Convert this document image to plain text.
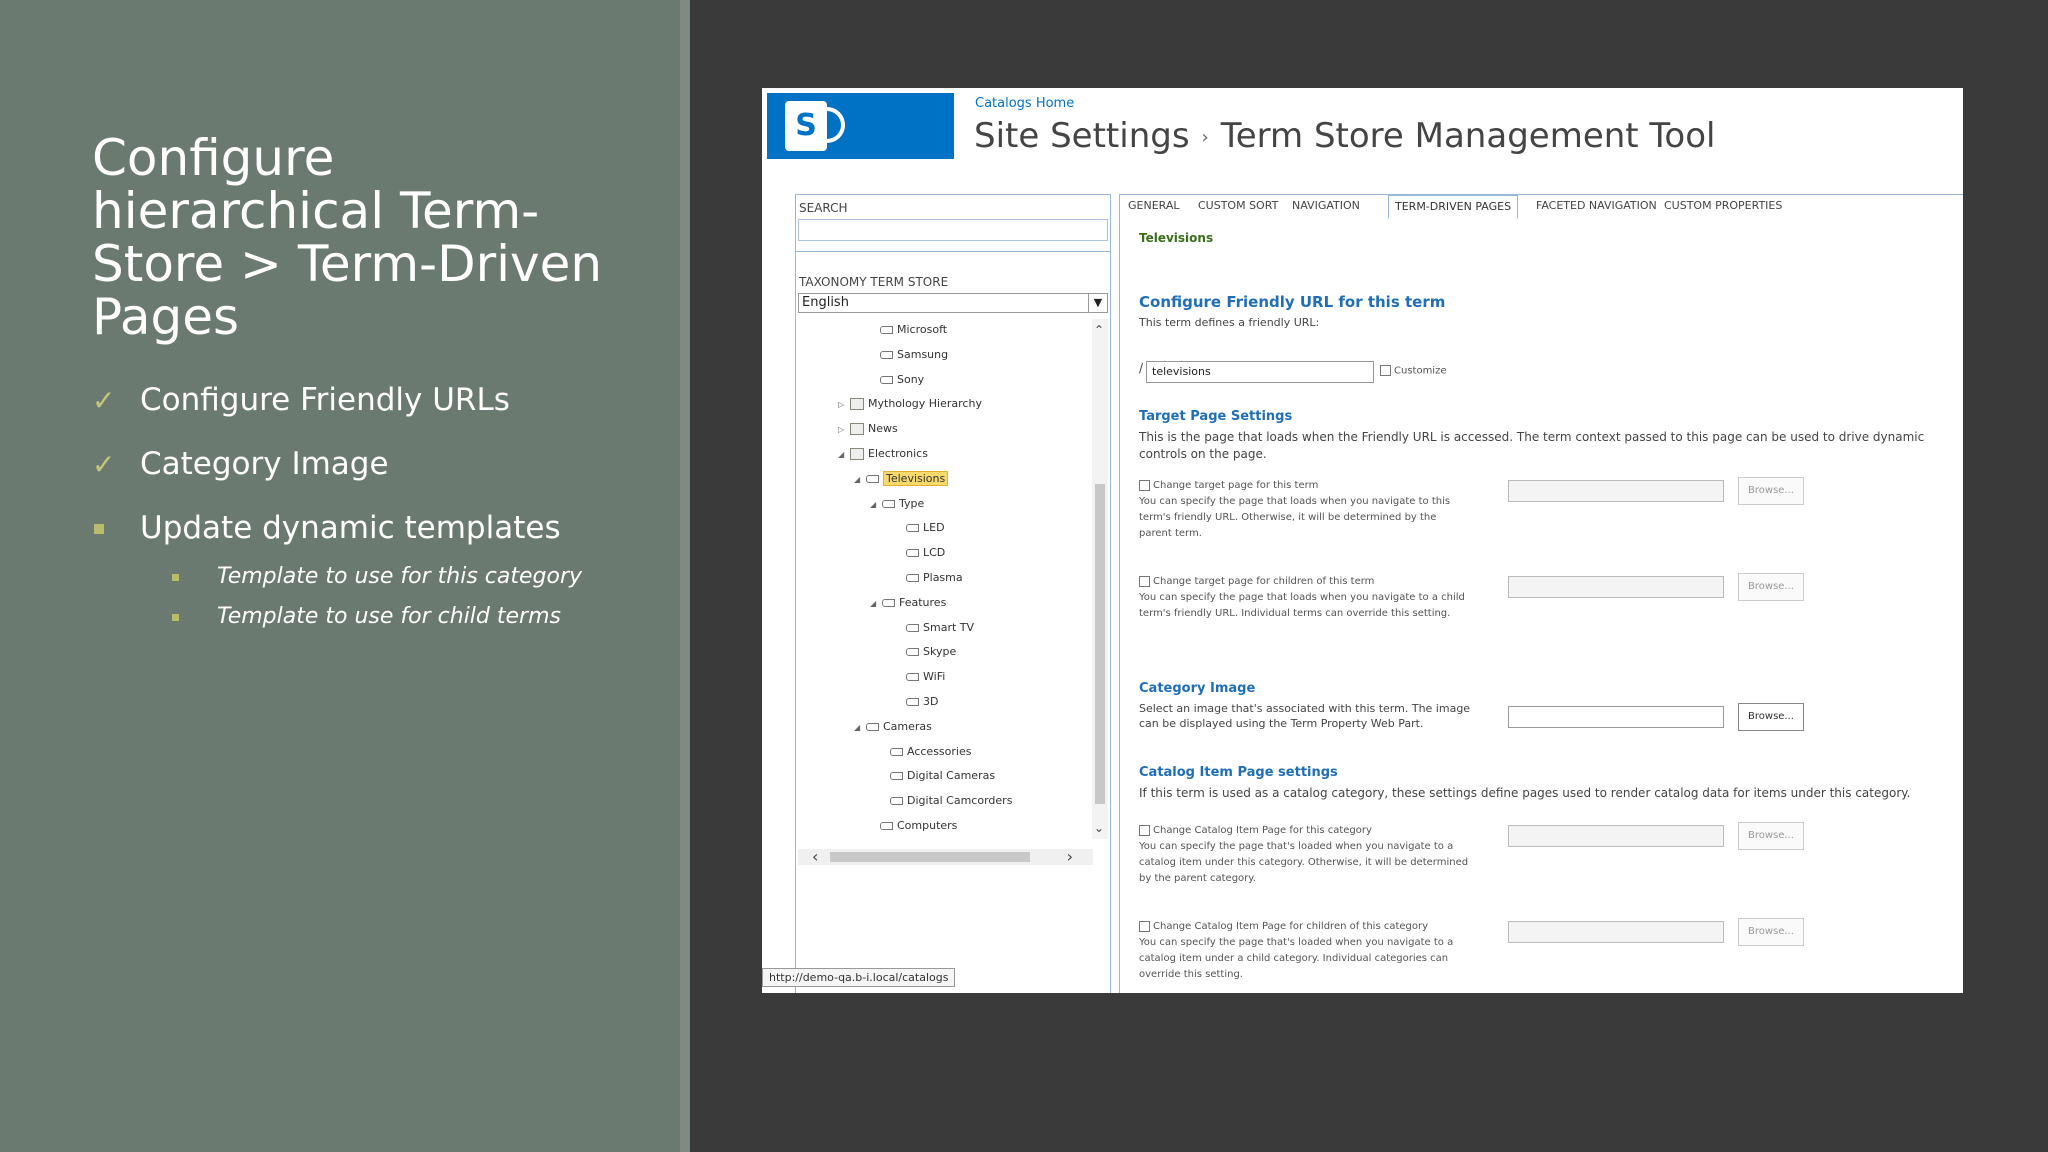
Configure hierarchical Term-Store > Term-Driven Pages
✓ Configure Friendly URLs
✓ Category Image
Update dynamic templates
Template to use for this category
Template to use for child terms
S
Catalogs Home
Site Settings › Term Store Management Tool
SEARCH
TAXONOMY TERM STORE
English	▼
Microsoft
Samsung
Sony
▷ Mythology Hierarchy
▷ News
◢ Electronics
◢ Televisions
◢ Type
LED
LCD
Plasma
◢ Features
Smart TV
Skype
WiFi
3D
◢ Cameras
Accessories
Digital Cameras
Digital Camcorders
Computers
⌃
⌄
‹	›
http://demo-qa.b-i.local/catalogs
GENERAL	CUSTOM SORT	NAVIGATION	TERM-DRIVEN PAGES	FACETED NAVIGATION CUSTOM PROPERTIES
Televisions
Configure Friendly URL for this term
This term defines a friendly URL:
/ televisions	Customize
Target Page Settings
This is the page that loads when the Friendly URL is accessed. The term context passed to this page can be used to drive dynamic controls on the page.
Change target page for this term
You can specify the page that loads when you navigate to this term's friendly URL. Otherwise, it will be determined by the parent term.
Browse...
Change target page for children of this term
You can specify the page that loads when you navigate to a child term's friendly URL. Individual terms can override this setting.
Browse...
Category Image
Select an image that's associated with this term. The image can be displayed using the Term Property Web Part.
Browse...
Catalog Item Page settings
If this term is used as a catalog category, these settings define pages used to render catalog data for items under this category.
Change Catalog Item Page for this category
You can specify the page that's loaded when you navigate to a catalog item under this category. Otherwise, it will be determined by the parent category.
Browse...
Change Catalog Item Page for children of this category
You can specify the page that's loaded when you navigate to a catalog item under a child category. Individual categories can override this setting.
Browse...
